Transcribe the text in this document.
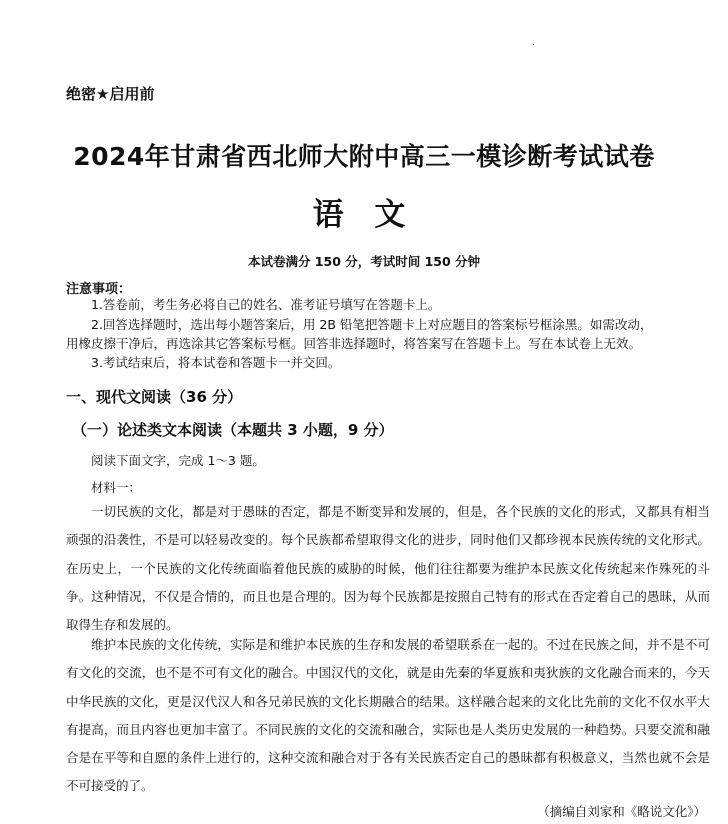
绝密★启用前
2024年甘肃省西北师大附中高三一模诊断考试试卷
语 文
本试卷满分 150 分，考试时间 150 分钟
注意事项：
1.答卷前，考生务必将自己的姓名、准考证号填写在答题卡上。
2.回答选择题时，选出每小题答案后，用 2B 铅笔把答题卡上对应题目的答案标号框涂黑。如需改动，
用橡皮擦干净后，再选涂其它答案标号框。回答非选择题时，将答案写在答题卡上。写在本试卷上无效。
3.考试结束后，将本试卷和答题卡一并交回。
一、现代文阅读（36 分）
（一）论述类文本阅读（本题共 3 小题，9 分）
阅读下面文字，完成 1～3 题。
材料一：
一切民族的文化，都是对于愚昧的否定，都是不断变异和发展的，但是，各个民族的文化的形式，又都具有相当顽强的沿袭性，不是可以轻易改变的。每个民族都希望取得文化的进步，同时他们又都珍视本民族传统的文化形式。在历史上，一个民族的文化传统面临着他民族的威胁的时候，他们往往都要为维护本民族文化传统起来作殊死的斗争。这种情况，不仅是合情的，而且也是合理的。因为每个民族都是按照自己特有的形式在否定着自己的愚昧，从而取得生存和发展的。
维护本民族的文化传统，实际是和维护本民族的生存和发展的希望联系在一起的。不过在民族之间，并不是不可有文化的交流，也不是不可有文化的融合。中国汉代的文化，就是由先秦的华夏族和夷狄族的文化融合而来的，今天中华民族的文化，更是汉代汉人和各兄弟民族的文化长期融合的结果。这样融合起来的文化比先前的文化不仅水平大有提高，而且内容也更加丰富了。不同民族的文化的交流和融合，实际也是人类历史发展的一种趋势。只要交流和融合是在平等和自愿的条件上进行的，这种交流和融合对于各有关民族否定自己的愚昧都有积极意义，当然也就不会是不可接受的了。
（摘编自刘家和《略说文化》）
